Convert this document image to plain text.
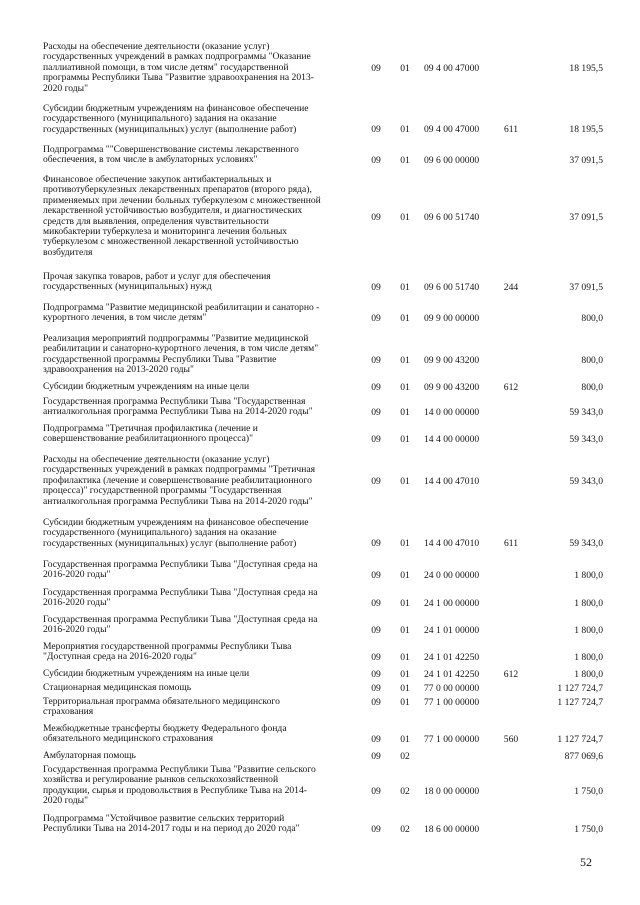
Расходы на обеспечение деятельности (оказание услуг)
государственных учреждений в рамках подпрограммы "Оказание
паллиативной помощи, в том числе детям" государственной
программы Республики Тыва "Развитие здравоохранения на 2013-
2020 годы"
09	01	09 4 00 47000	18 195,5
Субсидии бюджетным учреждениям на финансовое обеспечение
государственного (муниципального) задания на оказание
государственных (муниципальных) услуг (выполнение работ)	09	01	09 4 00 47000	611	18 195,5
Подпрограмма ""Совершенствование системы лекарственного
обеспечения, в том числе в амбулаторных условиях"	09	01	09 6 00 00000	37 091,5
Финансовое обеспечение закупок антибактериальных и
противотуберкулезных лекарственных препаратов (второго ряда),
применяемых при лечении больных туберкулезом с множественной
лекарственной устойчивостью возбудителя, и диагностических
средств для выявления, определения чувствительности
микобактерии туберкулеза и мониторинга лечения больных
туберкулезом с множественной лекарственной устойчивостью
возбудителя
09	01	09 6 00 51740	37 091,5
Прочая закупка товаров, работ и услуг для обеспечения
государственных (муниципальных) нужд	09	01	09 6 00 51740	244	37 091,5
Подпрограмма "Развитие медицинской реабилитации и санаторно -
курортного лечения, в том числе детям"	09	01	09 9 00 00000	800,0
Реализация мероприятий подпрограммы "Развитие медицинской
реабилитации и санаторно-курортного лечения, в том числе детям"
государственной программы Республики Тыва "Развитие
здравоохранения на 2013-2020 годы"
09	01	09 9 00 43200	800,0
Субсидии бюджетным учреждениям на иные цели	09	01	09 9 00 43200	612	800,0
Государственная программа Республики Тыва "Государственная
антиалкогольная программа Республики Тыва на 2014-2020 годы"	09	01	14 0 00 00000	59 343,0
Подпрограмма "Третичная профилактика (лечение и
совершенствование реабилитационного процесса)"	09	01	14 4 00 00000	59 343,0
Расходы на обеспечение деятельности (оказание услуг)
государственных учреждений в рамках подпрограммы "Третичная
профилактика (лечение и совершенствование реабилитационного
процесса)" государственной программы "Государственная
антиалкогольная программа Республики Тыва на 2014-2020 годы"
09	01	14 4 00 47010	59 343,0
Субсидии бюджетным учреждениям на финансовое обеспечение
государственного (муниципального) задания на оказание
государственных (муниципальных) услуг (выполнение работ)	09	01	14 4 00 47010	611	59 343,0
Государственная программа Республики Тыва "Доступная среда на
2016-2020 годы"	09	01	24 0 00 00000	1 800,0
Государственная программа Республики Тыва "Доступная среда на
2016-2020 годы"	09	01	24 1 00 00000	1 800,0
Государственная программа Республики Тыва "Доступная среда на
2016-2020 годы"	09	01	24 1 01 00000	1 800,0
Мероприятия государственной программы Республики Тыва
"Доступная среда на 2016-2020 годы"	09	01	24 1 01 42250	1 800,0
Субсидии бюджетным учреждениям на иные цели	09	01	24 1 01 42250	612	1 800,0
Стационарная медицинская помощь	09	01	77 0 00 00000	1 127 724,7
Территориальная программа обязательного медицинского
страхования
09	01	77 1 00 00000	1 127 724,7
Межбюджетные трансферты бюджету Федерального фонда
обязательного медицинского страхования	09	01	77 1 00 00000	560	1 127 724,7
Амбулаторная помощь	09	02	877 069,6
Государственная программа Республики Тыва "Развитие сельского
хозяйства и регулирование рынков сельскохозяйственной
продукции, сырья и продовольствия в Республике Тыва на 2014-
2020 годы"
09	02	18 0 00 00000	1 750,0
Подпрограмма "Устойчивое развитие сельских территорий
Республики Тыва на 2014-2017 годы и на период до 2020 года"	09	02	18 6 00 00000	1 750,0
52
